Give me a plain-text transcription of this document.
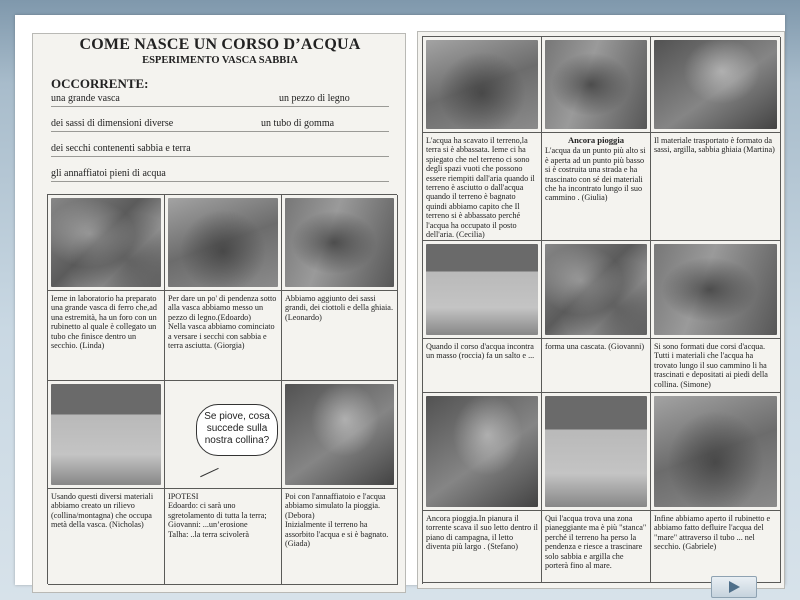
COME NASCE UN CORSO D’ACQUA
ESPERIMENTO VASCA SABBIA
OCCORRENTE:
una grande vasca	un pezzo di legno
dei sassi di dimensioni diverse	un tubo di gomma
dei secchi contenenti sabbia e terra
gli annaffiatoi pieni di acqua
Ieme in laboratorio ha preparato una grande vasca di ferro che,ad una estremità, ha un foro con un rubinetto al quale è collegato un tubo che finisce dentro un secchio. (Linda)
Per dare un po' di pendenza sotto alla vasca abbiamo messo un pezzo di legno.(Edoardo)
Nella vasca abbiamo cominciato a versare i secchi con sabbia e terra asciutta. (Giorgia)
Abbiamo aggiunto dei sassi grandi, dei ciottoli e della ghiaia.
(Leonardo)
Se piove, cosa succede sulla nostra collina?
Usando questi diversi materiali abbiamo creato un rilievo (collina/montagna) che occupa metà della vasca. (Nicholas)
IPOTESI
Edoardo: ci sarà uno sgretolamento di tutta la terra;
Giovanni: ...un’erosione
Talha: ..la terra scivolerà
Poi con l'annaffiatoio e l'acqua abbiamo simulato la pioggia. (Debora)
Inizialmente il terreno ha assorbito l'acqua e si è bagnato. (Giada)
L'acqua ha scavato il terreno,la terra si è abbassata. Ieme ci ha spiegato che nel terreno ci sono degli spazi vuoti che possono essere riempiti dall'aria quando il terreno è asciutto o dall'acqua quando il terreno è bagnato quindi abbiamo capito che Il terreno si è abbassato perché l'acqua ha occupato il posto dell'aria. (Cecilia)
Ancora pioggia
L'acqua da un punto più alto si è aperta ad un punto più basso si è costruita una strada e ha trascinato con sé dei materiali che ha incontrato lungo il suo cammino . (Giulia)
Il materiale trasportato è formato da sassi, argilla, sabbia ghiaia (Martina)
Quando il corso d'acqua incontra un masso (roccia) fa un salto e ...
forma una cascata. (Giovanni)	Si sono formati due corsi d'acqua. Tutti i materiali che l'acqua ha trovato lungo il suo cammino li ha trascinati e depositati ai piedi della collina. (Simone)
Ancora pioggia.In pianura il torrente scava il suo letto dentro il piano di campagna, il letto diventa più largo . (Stefano)
Qui l'acqua trova una zona pianeggiante ma è più "stanca" perché il terreno ha perso la pendenza e riesce a trascinare solo sabbia e argilla che porterà fino al mare.
Infine abbiamo aperto il rubinetto e abbiamo fatto defluire l'acqua del "mare" attraverso il tubo ... nel secchio. (Gabriele)
